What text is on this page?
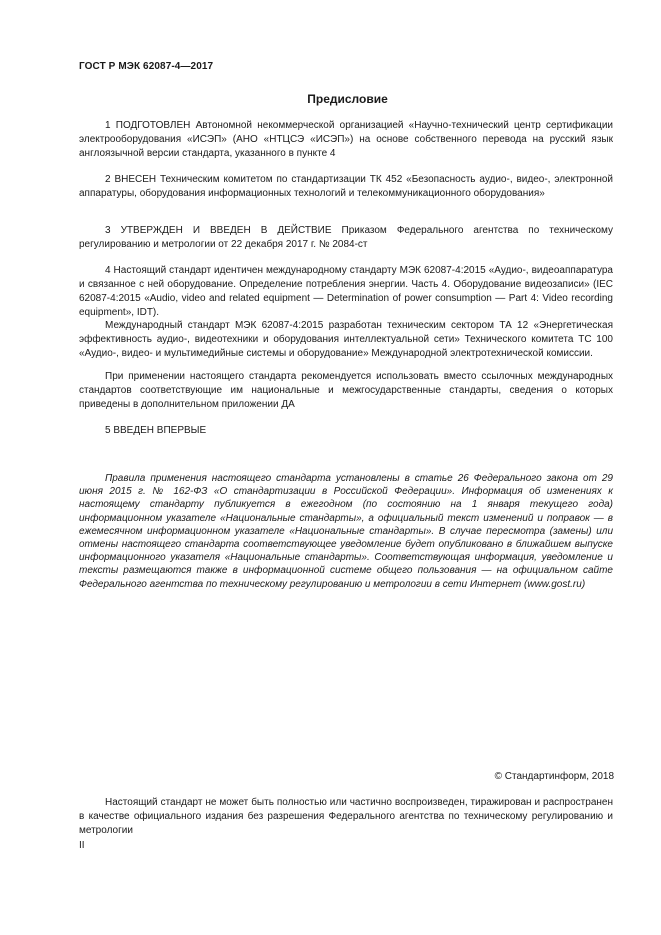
ГОСТ Р МЭК 62087-4—2017
Предисловие

1 ПОДГОТОВЛЕН Автономной некоммерческой организацией «Научно-технический центр сертификации электрооборудования «ИСЭП» (АНО «НТЦСЭ «ИСЭП») на основе собственного перевода на русский язык англоязычной версии стандарта, указанного в пункте 4

2 ВНЕСЕН Техническим комитетом по стандартизации ТК 452 «Безопасность аудио-, видео-, электронной аппаратуры, оборудования информационных технологий и телекоммуникационного оборудования»

3 УТВЕРЖДЕН И ВВЕДЕН В ДЕЙСТВИЕ Приказом Федерального агентства по техническому регулированию и метрологии от 22 декабря 2017 г. № 2084-ст

4 Настоящий стандарт идентичен международному стандарту МЭК 62087-4:2015 «Аудио-, видеоаппаратура и связанное с ней оборудование. Определение потребления энергии. Часть 4. Оборудование видеозаписи» (IEC 62087-4:2015 «Audio, video and related equipment — Determination of power consumption — Part 4: Video recording equipment», IDT).

Международный стандарт МЭК 62087-4:2015 разработан техническим сектором ТА 12 «Энергетическая эффективность аудио-, видеотехники и оборудования интеллектуальной сети» Технического комитета ТС 100 «Аудио-, видео- и мультимедийные системы и оборудование» Международной электротехнической комиссии.

При применении настоящего стандарта рекомендуется использовать вместо ссылочных международных стандартов соответствующие им национальные и межгосударственные стандарты, сведения о которых приведены в дополнительном приложении ДА

5 ВВЕДЕН ВПЕРВЫЕ

Правила применения настоящего стандарта установлены в статье 26 Федерального закона от 29 июня 2015 г. № 162-ФЗ «О стандартизации в Российской Федерации». Информация об изменениях к настоящему стандарту публикуется в ежегодном (по состоянию на 1 января текущего года) информационном указателе «Национальные стандарты», а официальный текст изменений и поправок — в ежемесячном информационном указателе «Национальные стандарты». В случае пересмотра (замены) или отмены настоящего стандарта соответствующее уведомление будет опубликовано в ближайшем выпуске информационного указателя «Национальные стандарты». Соответствующая информация, уведомление и тексты размещаются также в информационной системе общего пользования — на официальном сайте Федерального агентства по техническому регулированию и метрологии в сети Интернет (www.gost.ru)

© Стандартинформ, 2018

Настоящий стандарт не может быть полностью или частично воспроизведен, тиражирован и распространен в качестве официального издания без разрешения Федерального агентства по техническому регулированию и метрологии

II
